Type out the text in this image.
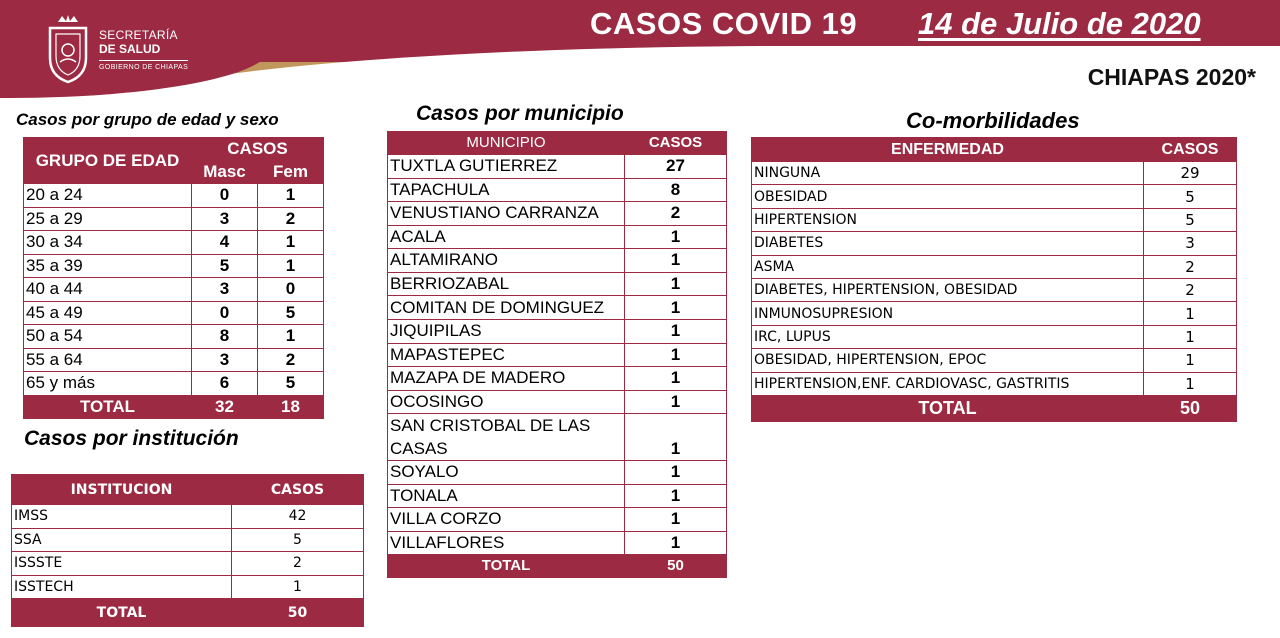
SECRETARÍA
DE SALUD
GOBIERNO DE CHIAPAS
CASOS COVID 19 14 de Julio de 2020
CHIAPAS 2020*
Casos por grupo de edad y sexo
Casos por institución
Casos por municipio	Co-morbilidades
GRUPO DE EDAD	CASOS	
	Masc	Fem
20 a 24	0	1
25 a 29	3	2
30 a 34	4	1
35 a 39	5	1
40 a 44	3	0
45 a 49	0	5
50 a 54	8	1
55 a 64	3	2
65 y más	6	5
TOTAL	32	18
INSTITUCION	CASOS
IMSS	42
SSA	5
ISSSTE	2
ISSTECH	1
TOTAL	50
MUNICIPIO	CASOS
TUXTLA GUTIERREZ	27
TAPACHULA	8
VENUSTIANO CARRANZA	2
ACALA	1
ALTAMIRANO	1
BERRIOZABAL	1
COMITAN DE DOMINGUEZ	1
JIQUIPILAS	1
MAPASTEPEC	1
MAZAPA DE MADERO	1
OCOSINGO	1
SAN CRISTOBAL DE LAS CASAS	1
SOYALO	1
TONALA	1
VILLA CORZO	1
VILLAFLORES	1
TOTAL	50
ENFERMEDAD	CASOS
NINGUNA	29
OBESIDAD	5
HIPERTENSION	5
DIABETES	3
ASMA	2
DIABETES, HIPERTENSION, OBESIDAD	2
INMUNOSUPRESION	1
IRC, LUPUS	1
OBESIDAD, HIPERTENSION, EPOC	1
HIPERTENSION,ENF. CARDIOVASC, GASTRITIS	1
TOTAL	50
